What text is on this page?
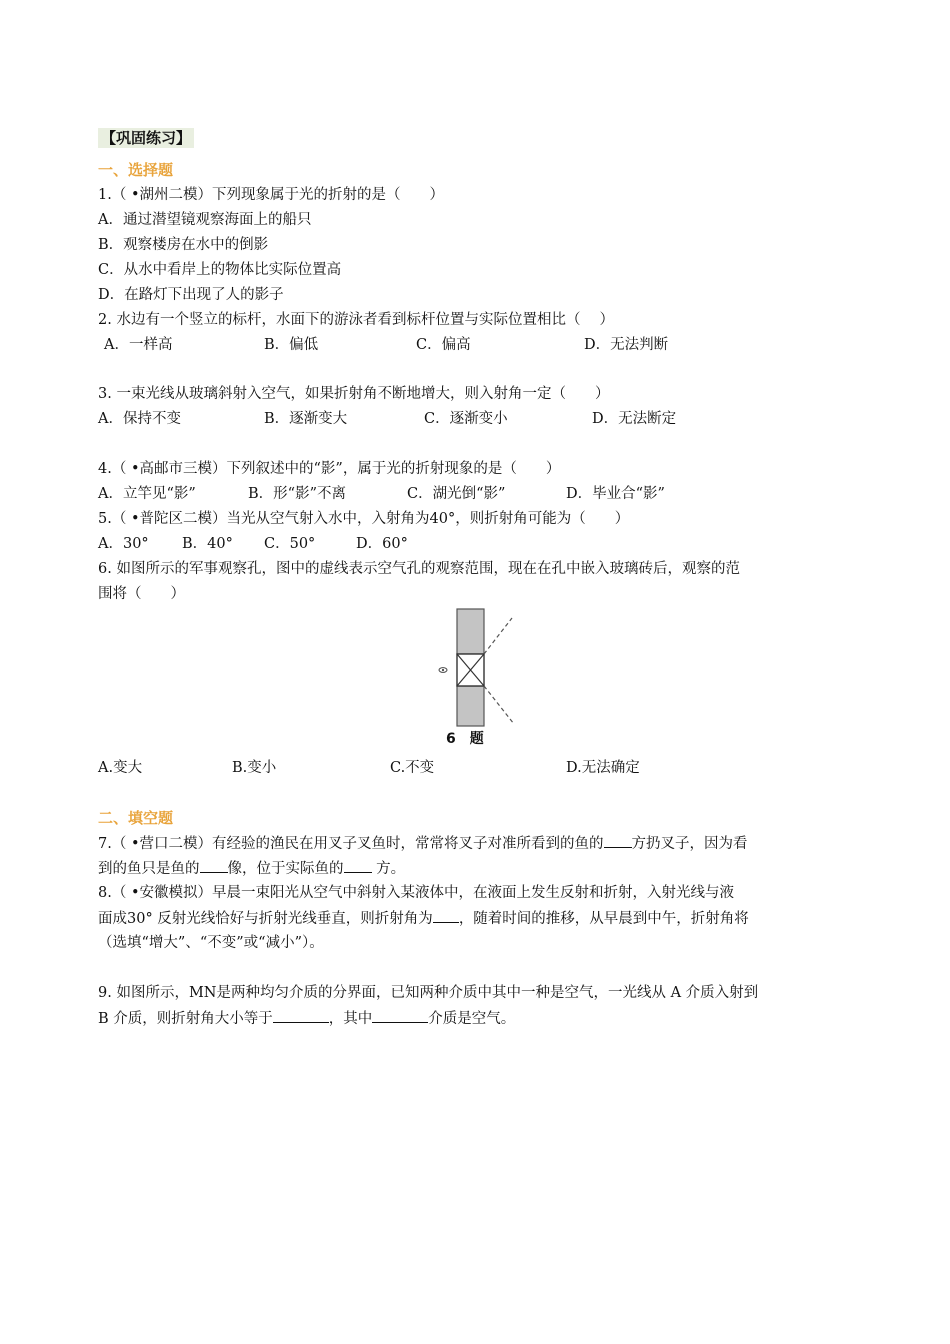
【巩固练习】
一、选择题
1.（ •湖州二模）下列现象属于光的折射的是（　　）
A．通过潜望镜观察海面上的船只
B．观察楼房在水中的倒影
C．从水中看岸上的物体比实际位置高
D．在路灯下出现了人的影子
2. 水边有一个竖立的标杆，水面下的游泳者看到标杆位置与实际位置相比（　 ）
A．一样高	B．偏低	C．偏高	D．无法判断
3. 一束光线从玻璃斜射入空气，如果折射角不断地增大，则入射角一定（　　）
A．保持不变	B．逐渐变大	C．逐渐变小	D．无法断定
4.（ •高邮市三模）下列叙述中的“影”，属于光的折射现象的是（　　）
A．立竿见“影”	B．形“影”不离	C．湖光倒“影”	D．毕业合“影”
5.（ •普陀区二模）当光从空气射入水中，入射角为40°，则折射角可能为（　　）
A．30° B．40° C．50°	D．60°
6. 如图所示的军事观察孔，图中的虚线表示空气孔的观察范围，现在在孔中嵌入玻璃砖后，观察的范
围将（　　）
6　题
A.变大	B.变小	C.不变	D.无法确定
二、填空题
7.（ •营口二模）有经验的渔民在用叉子叉鱼时，常常将叉子对准所看到的鱼的 方扔叉子，因为看
到的鱼只是鱼的 像，位于实际鱼的 方。
8.（ •安徽模拟）早晨一束阳光从空气中斜射入某液体中，在液面上发生反射和折射，入射光线与液
面成30° 反射光线恰好与折射光线垂直，则折射角为 ，随着时间的推移，从早晨到中午，折射角将
（选填“增大”、“不变”或“减小”）。
9. 如图所示，MN是两种均匀介质的分界面，已知两种介质中其中一种是空气，一光线从 A 介质入射到
B 介质，则折射角大小等于	，其中	介质是空气。
